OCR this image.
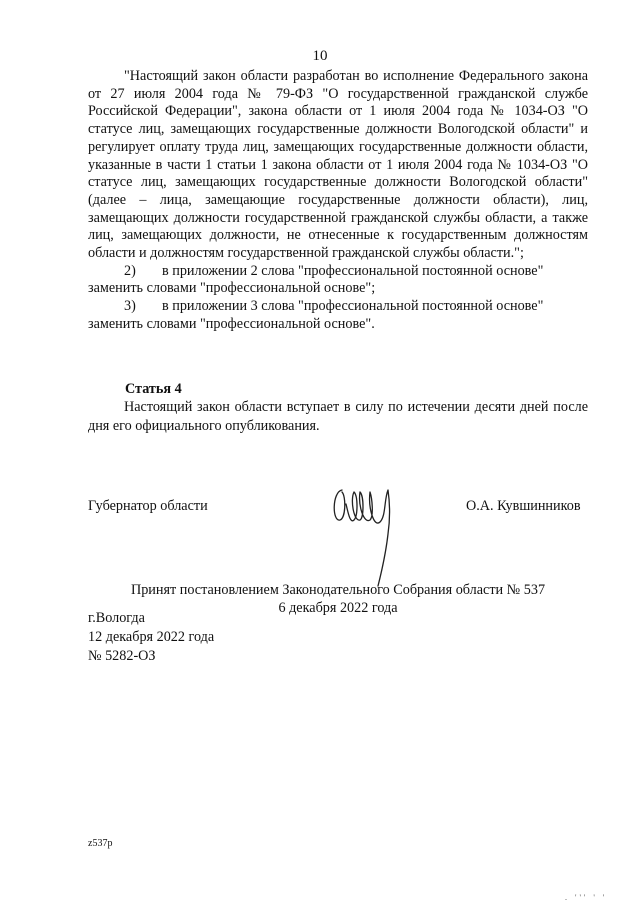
10

"Настоящий закон области разработан во исполнение Федерального закона от 27 июля 2004 года № 79-ФЗ "О государственной гражданской службе Российской Федерации", закона области от 1 июля 2004 года № 1034-ОЗ "О статусе лиц, замещающих государственные должности Вологодской области" и регулирует оплату труда лиц, замещающих государственные должности области, указанные в части 1 статьи 1 закона области от 1 июля 2004 года № 1034-ОЗ "О статусе лиц, замещающих государственные должности Вологодской области" (далее – лица, замещающие государственные должности области), лиц, замещающих должности государственной гражданской службы области, а также лиц, замещающих должности, не отнесенные к государственным должностям области и должностям государственной гражданской службы области.";

2)	в приложении 2 слова "профессиональной постоянной основе"

заменить словами "профессиональной основе";

3)	в приложении 3 слова "профессиональной постоянной основе"

заменить словами "профессиональной основе".

Статья 4

Настоящий закон области вступает в силу по истечении десяти дней после дня его официального опубликования.

Губернатор области	О.А. Кувшинников
Принят постановлением Законодательного Собрания области № 537
6 декабря 2022 года
г.Вологда
12 декабря 2022 года
№ 5282-ОЗ
z537p
. ''' ' '
